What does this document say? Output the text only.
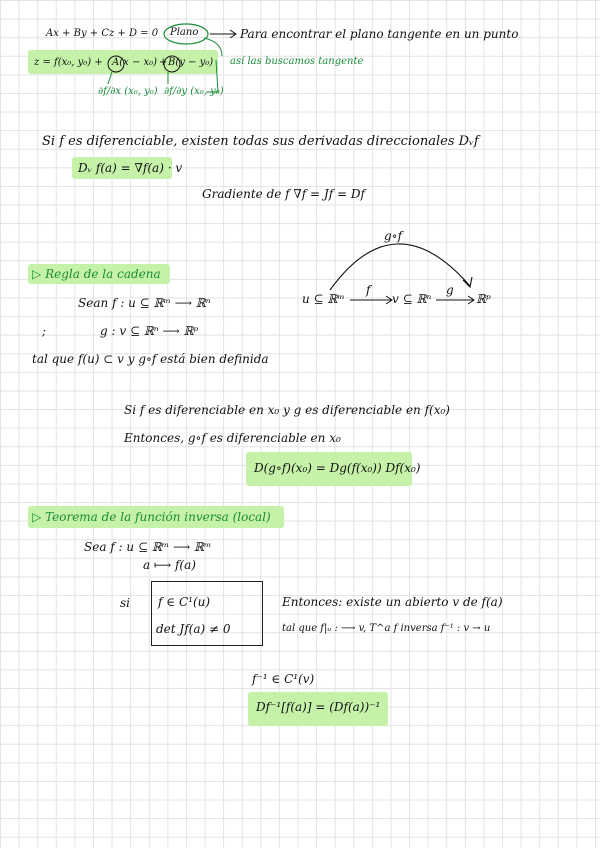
Ax + By + Cz + D = 0 Plano	Para encontrar el plano tangente en un punto
z = f(x₀, y₀) + A(x − x₀) + B(y − y₀) así las buscamos tangente
∂f/∂x (x₀, y₀) ∂f/∂y (x₀, y₀)
Si f es diferenciable, existen todas sus derivadas direccionales Dᵥf
Dᵥ f(a) = ∇f(a) · v
Gradiente de f ∇f = Jf = Df
▷ Regla de la cadena
g∘f
u ⊆ ℝᵐ
f
v ⊆ ℝⁿ
g
ℝᵖ
Sean f : u ⊆ ℝᵐ ⟶ ℝⁿ
;	g : v ⊆ ℝⁿ ⟶ ℝᵖ
tal que f(u) ⊂ v y g∘f está bien definida
Si f es diferenciable en x₀ y g es diferenciable en f(x₀)
Entonces, g∘f es diferenciable en x₀
D(g∘f)(x₀) = Dg(f(x₀)) Df(x₀)
▷ Teorema de la función inversa (local)
Sea f : u ⊆ ℝᵐ ⟶ ℝᵐ
a ⟼ f(a)
si f ∈ C¹(u)
det Jf(a) ≠ 0
Entonces: existe un abierto v de f(a)
tal que f|ᵤ : ⟶ v, T^a f inversa f⁻¹ : v → u
f⁻¹ ∈ C¹(v)
Df⁻¹[f(a)] = (Df(a))⁻¹
